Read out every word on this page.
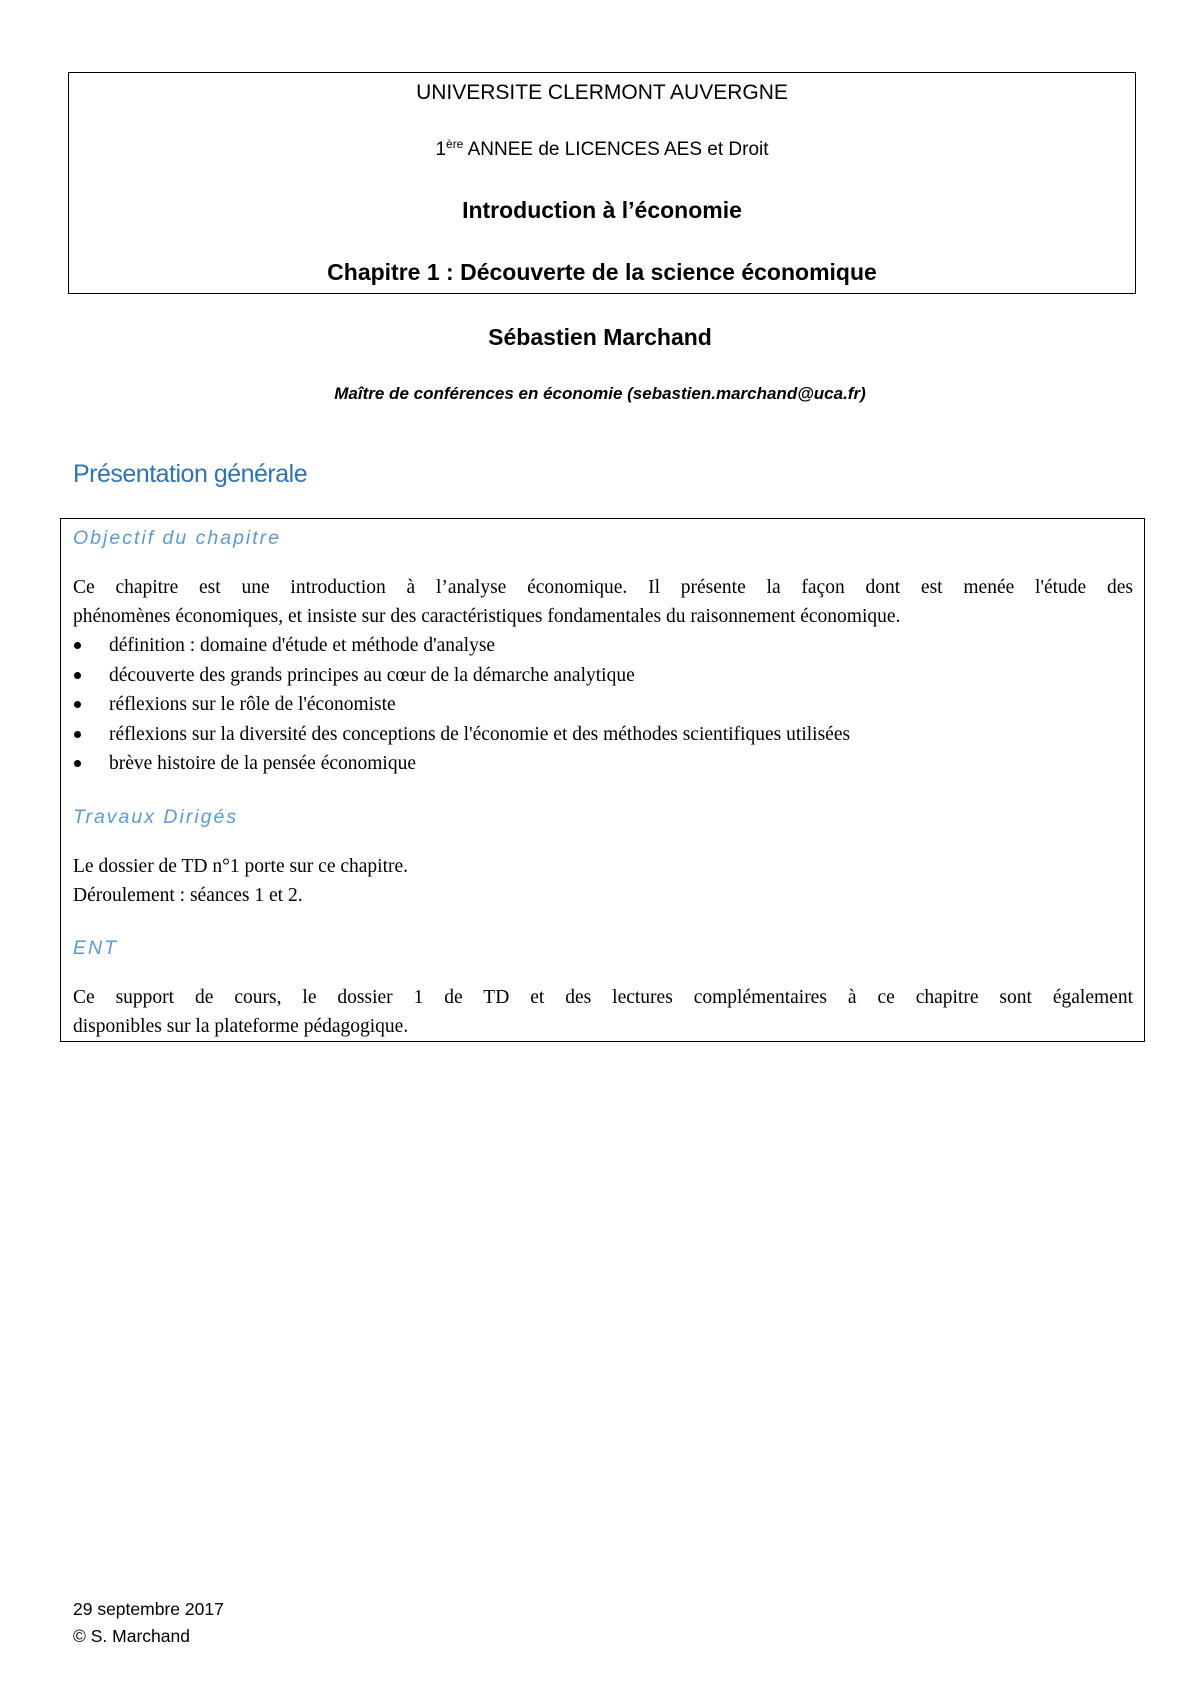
UNIVERSITE CLERMONT AUVERGNE
1ère ANNEE de LICENCES AES et Droit
Introduction à l’économie
Chapitre 1 : Découverte de la science économique
Sébastien Marchand
Maître de conférences en économie (sebastien.marchand@uca.fr)
Présentation générale
Objectif du chapitre
Ce chapitre est une introduction à l’analyse économique. Il présente la façon dont est menée l'étude des
phénomènes économiques, et insiste sur des caractéristiques fondamentales du raisonnement économique.
définition : domaine d'étude et méthode d'analyse
découverte des grands principes au cœur de la démarche analytique
réflexions sur le rôle de l'économiste
réflexions sur la diversité des conceptions de l'économie et des méthodes scientifiques utilisées
brève histoire de la pensée économique
Travaux Dirigés
Le dossier de TD n°1 porte sur ce chapitre.
Déroulement : séances 1 et 2.
ENT
Ce support de cours, le dossier 1 de TD et des lectures complémentaires à ce chapitre sont également
disponibles sur la plateforme pédagogique.
29 septembre 2017
© S. Marchand
